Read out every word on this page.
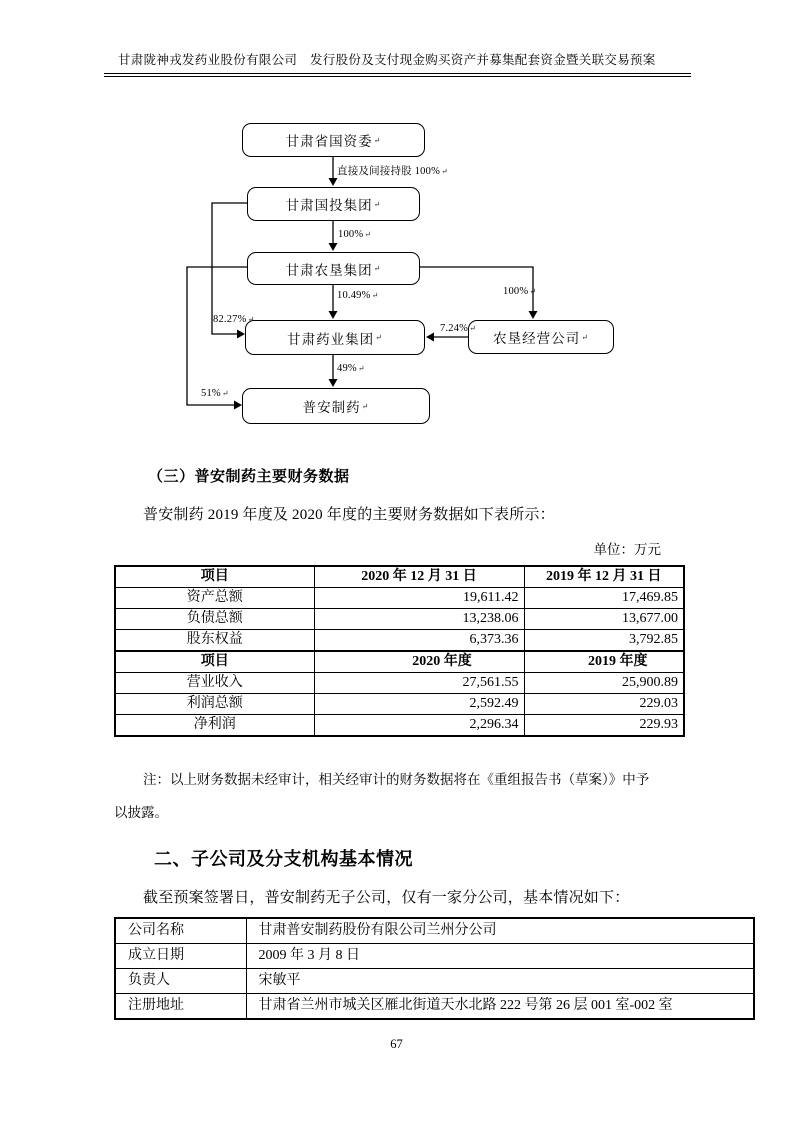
甘肃陇神戎发药业股份有限公司　发行股份及支付现金购买资产并募集配套资金暨关联交易预案
甘肃省国资委 ↵
甘肃国投集团 ↵
甘肃农垦集团 ↵
甘肃药业集团 ↵
普安制药 ↵
农垦经营公司 ↵
直接及间接持股 100%↵
100%↵
10.49%↵
49%↵
100%↵
7.24%↵
82.27%↵
51%↵
（三）普安制药主要财务数据
普安制药 2019 年度及 2020 年度的主要财务数据如下表所示：
单位：万元
项目	2020 年 12 月 31 日	2019 年 12 月 31 日
资产总额	19,611.42	17,469.85
负债总额	13,238.06	13,677.00
股东权益	6,373.36	3,792.85
项目	2020 年度	2019 年度
营业收入	27,561.55	25,900.89
利润总额	2,592.49	229.03
净利润	2,296.34	229.93
注：以上财务数据未经审计，相关经审计的财务数据将在《重组报告书（草案）》中予
以披露。
二、子公司及分支机构基本情况
截至预案签署日，普安制药无子公司，仅有一家分公司，基本情况如下：
公司名称	甘肃普安制药股份有限公司兰州分公司
成立日期	2009 年 3 月 8 日
负责人	宋敏平
注册地址	甘肃省兰州市城关区雁北街道天水北路 222 号第 26 层 001 室-002 室
67
